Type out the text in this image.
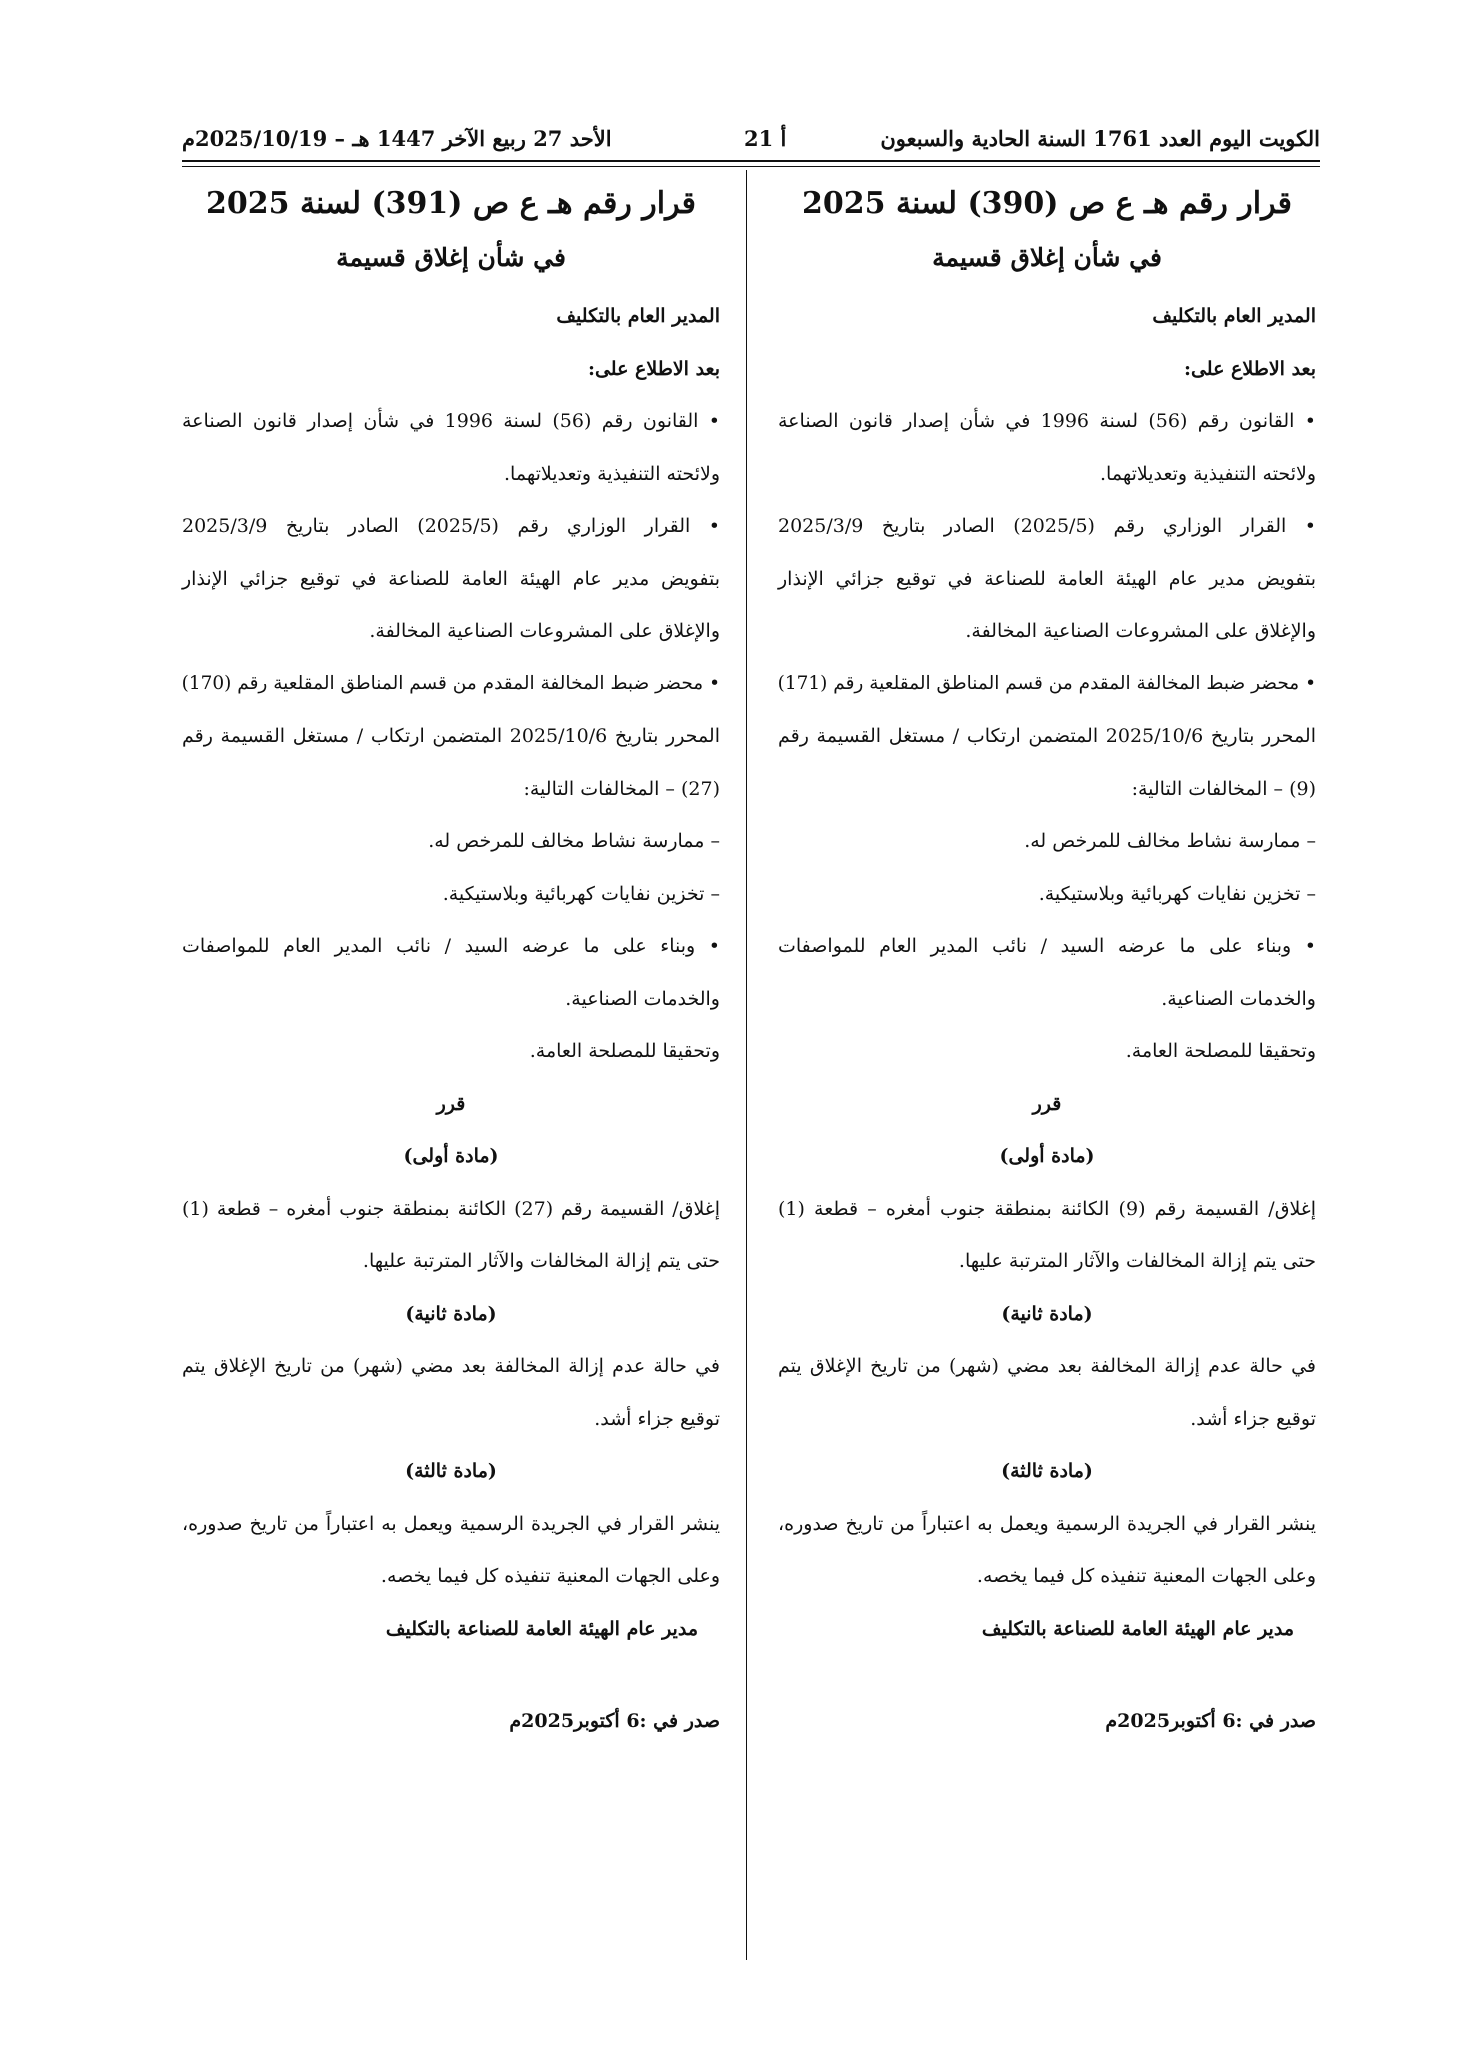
الكويت اليوم العدد 1761 السنة الحادية والسبعون
أ 21
الأحد 27 ربيع الآخر 1447 هـ – 2025/10/19م

قرار رقم هـ ع ص (390) لسنة 2025

في شأن إغلاق قسيمة

المدير العام بالتكليف

بعد الاطلاع على:

• القانون رقم (56) لسنة 1996 في شأن إصدار قانون الصناعة

ولائحته التنفيذية وتعديلاتهما.

• القرار الوزاري رقم (2025/5) الصادر بتاريخ 2025/3/9

بتفويض مدير عام الهيئة العامة للصناعة في توقيع جزائي الإنذار

والإغلاق على المشروعات الصناعية المخالفة.

• محضر ضبط المخالفة المقدم من قسم المناطق المقلعية رقم (171)

المحرر بتاريخ 2025/10/6 المتضمن ارتكاب / مستغل القسيمة رقم

(9) – المخالفات التالية:

– ممارسة نشاط مخالف للمرخص له.

– تخزين نفايات كهربائية وبلاستيكية.

• وبناء على ما عرضه السيد / نائب المدير العام للمواصفات

والخدمات الصناعية.

وتحقيقا للمصلحة العامة.

قرر

(مادة أولى)

إغلاق/ القسيمة رقم (9) الكائنة بمنطقة جنوب أمغره – قطعة (1)

حتى يتم إزالة المخالفات والآثار المترتبة عليها.

(مادة ثانية)

في حالة عدم إزالة المخالفة بعد مضي (شهر) من تاريخ الإغلاق يتم

توقيع جزاء أشد.

(مادة ثالثة)

ينشر القرار في الجريدة الرسمية ويعمل به اعتباراً من تاريخ صدوره،

وعلى الجهات المعنية تنفيذه كل فيما يخصه.

مدير عام الهيئة العامة للصناعة بالتكليف

صدر في :6 أكتوبر2025م

قرار رقم هـ ع ص (391) لسنة 2025

في شأن إغلاق قسيمة

المدير العام بالتكليف

بعد الاطلاع على:

• القانون رقم (56) لسنة 1996 في شأن إصدار قانون الصناعة

ولائحته التنفيذية وتعديلاتهما.

• القرار الوزاري رقم (2025/5) الصادر بتاريخ 2025/3/9

بتفويض مدير عام الهيئة العامة للصناعة في توقيع جزائي الإنذار

والإغلاق على المشروعات الصناعية المخالفة.

• محضر ضبط المخالفة المقدم من قسم المناطق المقلعية رقم (170)

المحرر بتاريخ 2025/10/6 المتضمن ارتكاب / مستغل القسيمة رقم

(27) – المخالفات التالية:

– ممارسة نشاط مخالف للمرخص له.

– تخزين نفايات كهربائية وبلاستيكية.

• وبناء على ما عرضه السيد / نائب المدير العام للمواصفات

والخدمات الصناعية.

وتحقيقا للمصلحة العامة.

قرر

(مادة أولى)

إغلاق/ القسيمة رقم (27) الكائنة بمنطقة جنوب أمغره – قطعة (1)

حتى يتم إزالة المخالفات والآثار المترتبة عليها.

(مادة ثانية)

في حالة عدم إزالة المخالفة بعد مضي (شهر) من تاريخ الإغلاق يتم

توقيع جزاء أشد.

(مادة ثالثة)

ينشر القرار في الجريدة الرسمية ويعمل به اعتباراً من تاريخ صدوره،

وعلى الجهات المعنية تنفيذه كل فيما يخصه.

مدير عام الهيئة العامة للصناعة بالتكليف

صدر في :6 أكتوبر2025م
